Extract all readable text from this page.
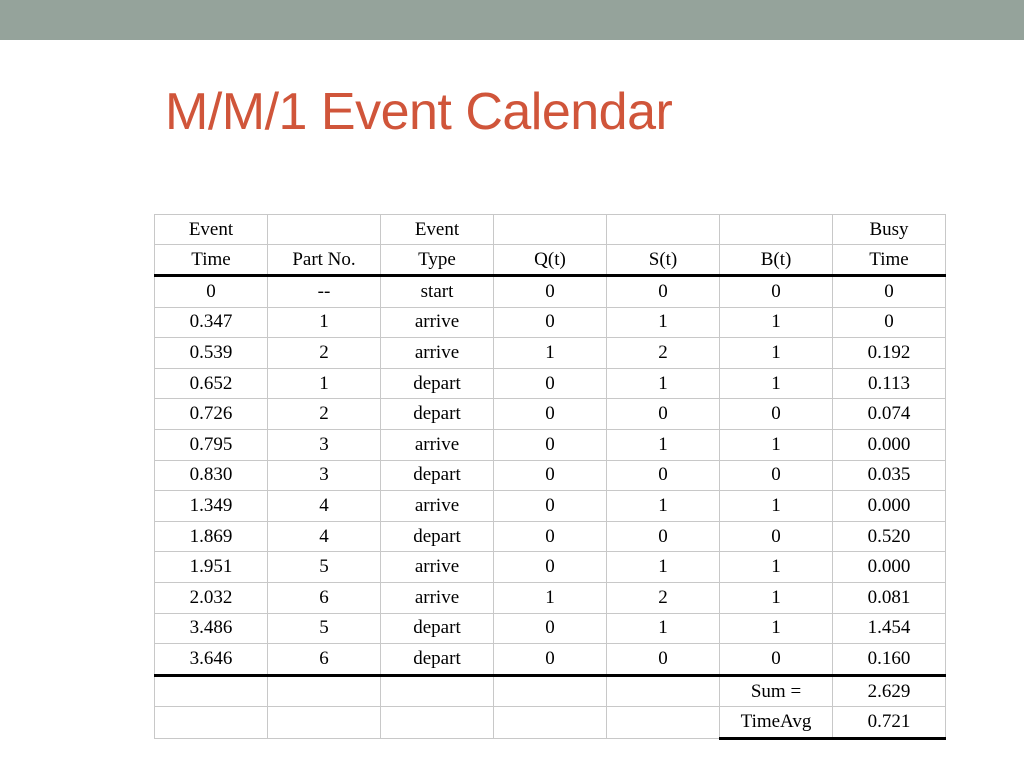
M/M/1 Event Calendar
Event		Event				Busy
Time	Part No.	Type	Q(t)	S(t)	B(t)	Time
0	--	start	0	0	0	0
0.347	1	arrive	0	1	1	0
0.539	2	arrive	1	2	1	0.192
0.652	1	depart	0	1	1	0.113
0.726	2	depart	0	0	0	0.074
0.795	3	arrive	0	1	1	0.000
0.830	3	depart	0	0	0	0.035
1.349	4	arrive	0	1	1	0.000
1.869	4	depart	0	0	0	0.520
1.951	5	arrive	0	1	1	0.000
2.032	6	arrive	1	2	1	0.081
3.486	5	depart	0	1	1	1.454
3.646	6	depart	0	0	0	0.160
					Sum =	2.629
					TimeAvg	0.721
